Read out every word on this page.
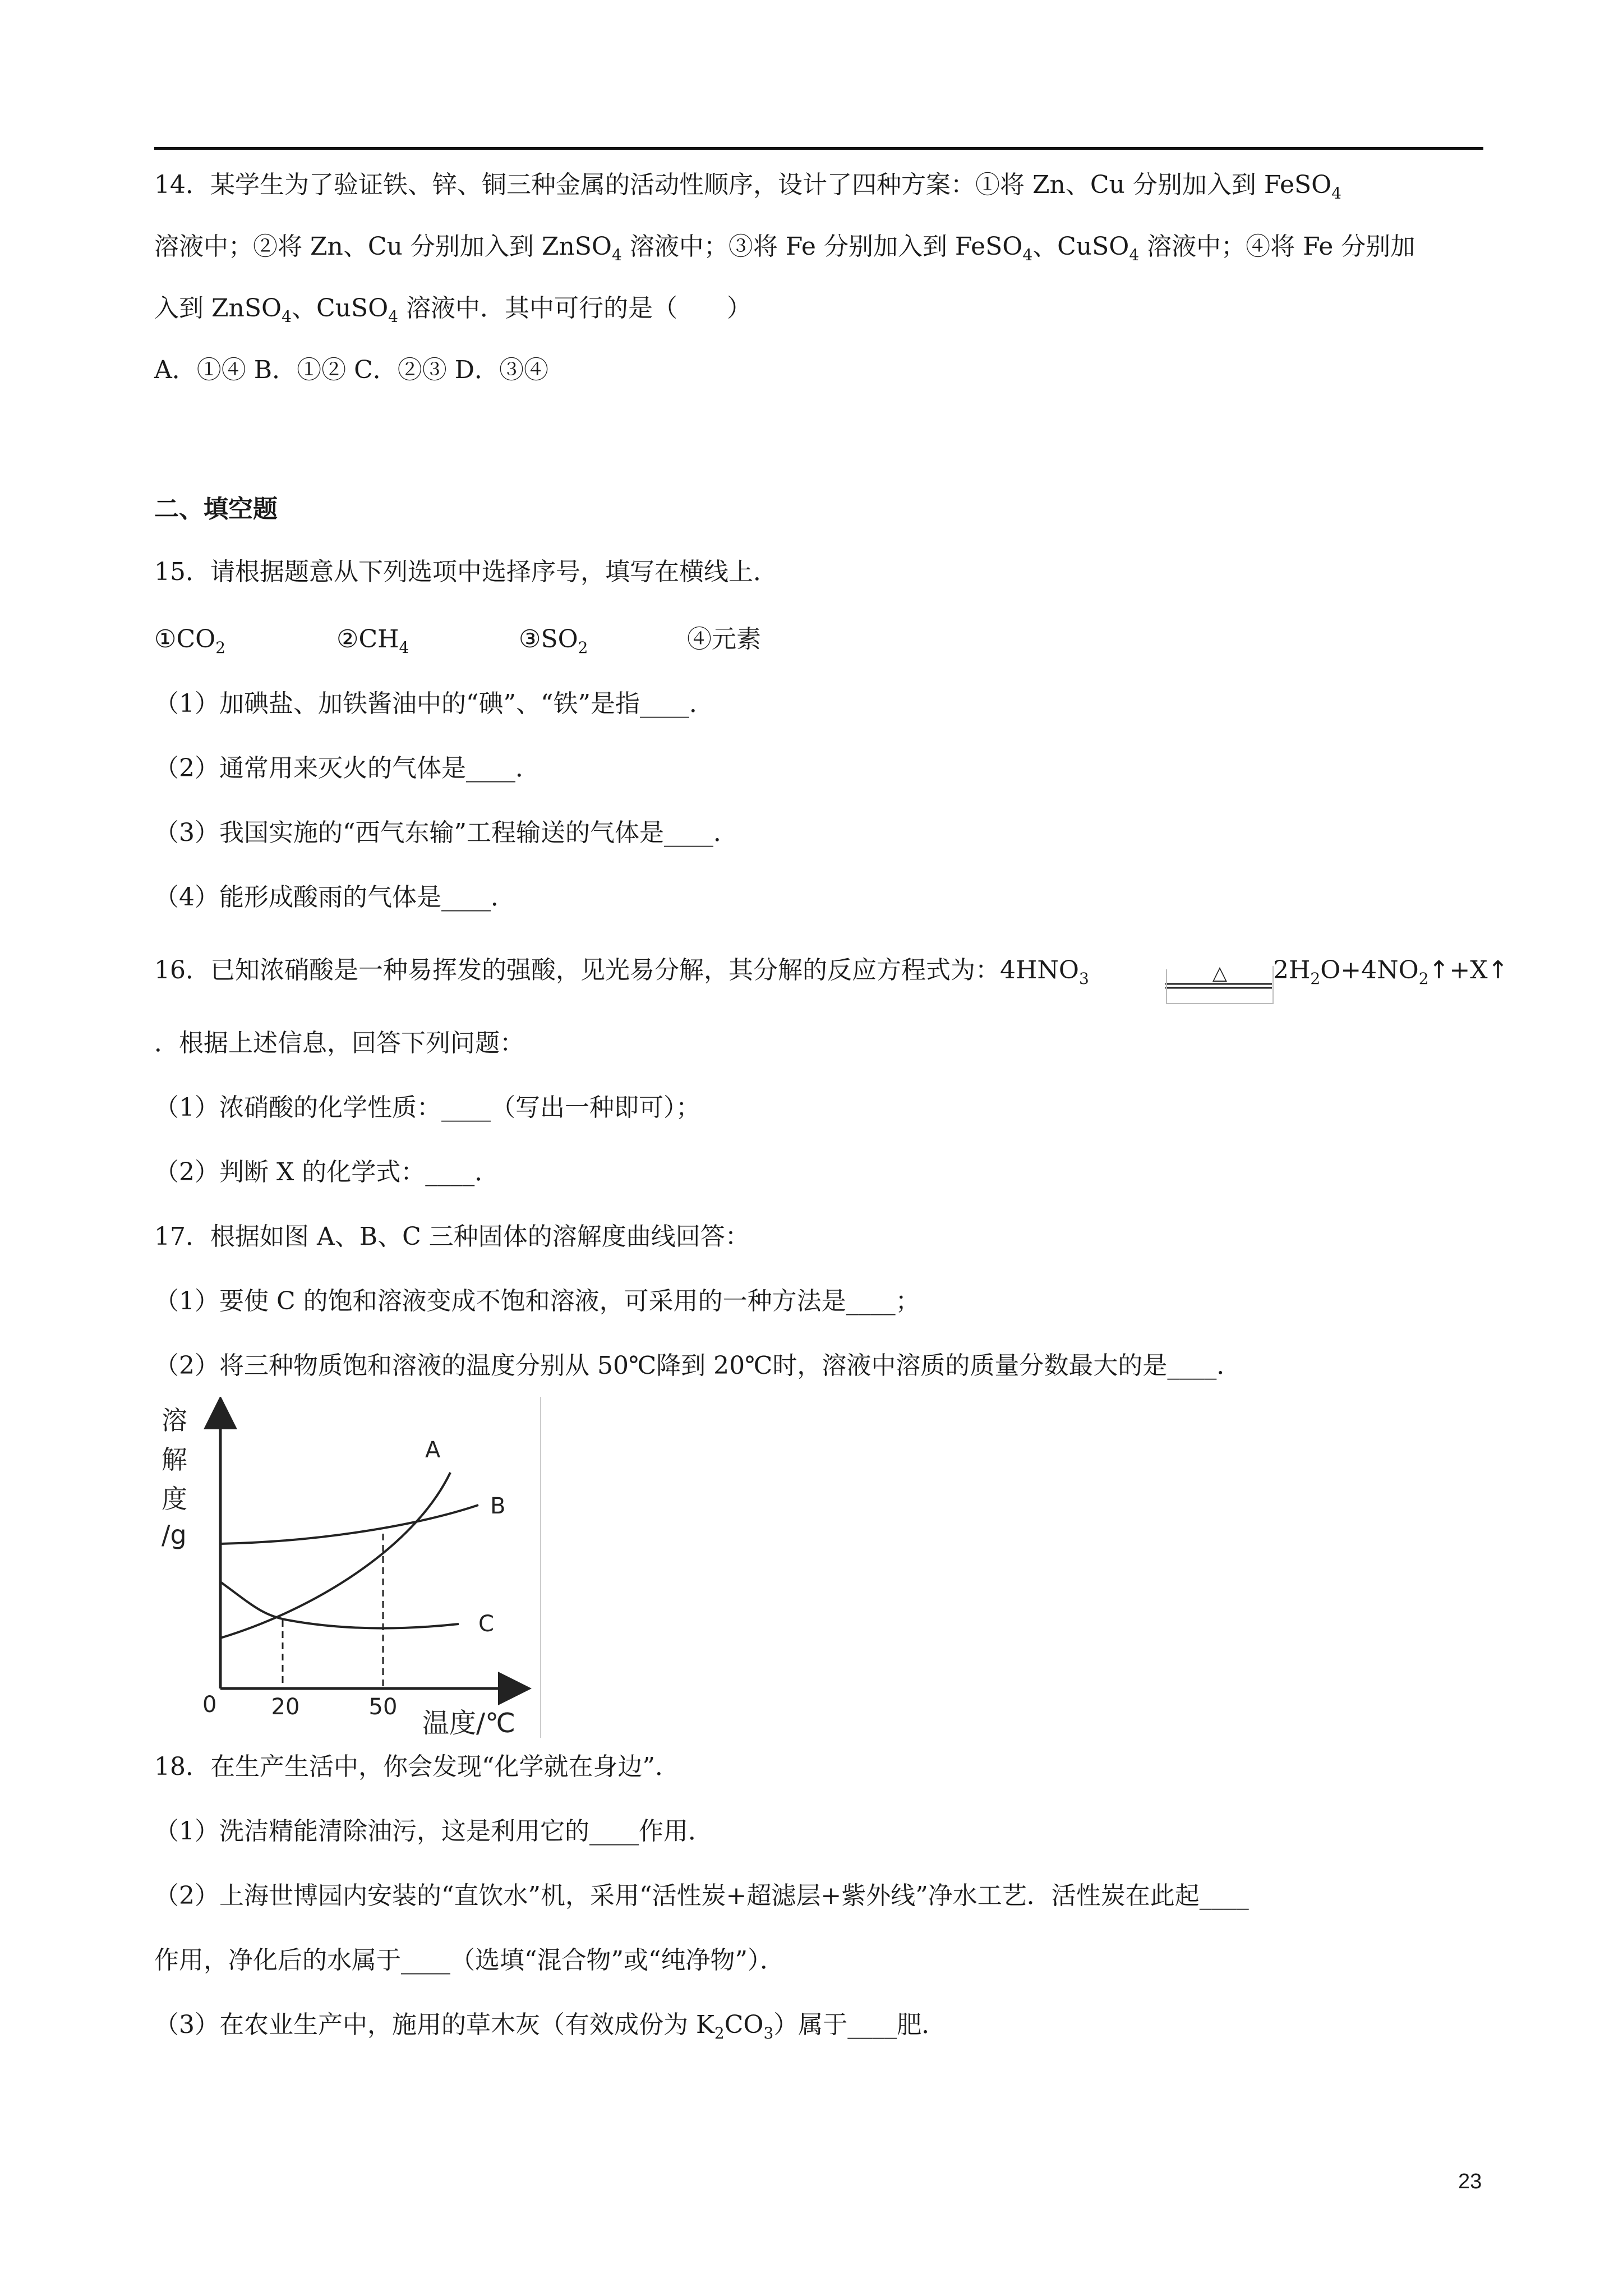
14．某学生为了验证铁、锌、铜三种金属的活动性顺序，设计了四种方案：①将 Zn、Cu 分别加入到 FeSO$_4$
溶液中；②将 Zn、Cu 分别加入到 ZnSO$_4$ 溶液中；③将 Fe 分别加入到 FeSO$_4$、CuSO$_4$ 溶液中；④将 Fe 分别加
入到 ZnSO$_4$、CuSO$_4$ 溶液中．其中可行的是（　　）
A．①④ B．①② C．②③ D．③④
二、填空题
15．请根据题意从下列选项中选择序号，填写在横线上．
$①CO_2$	$②CH_4$	$③SO_2$	④元素
（1）加碘盐、加铁酱油中的“碘”、“铁”是指____．
（2）通常用来灭火的气体是____．
（3）我国实施的“西气东输”工程输送的气体是____．
（4）能形成酸雨的气体是____．
16．已知浓硝酸是一种易挥发的强酸，见光易分解，其分解的反应方程式为：$4HNO_3$	△ $2H_2O+4NO_2↑+X↑$
．根据上述信息，回答下列问题：
（1）浓硝酸的化学性质：____（写出一种即可）；
（2）判断 X 的化学式：____．
17．根据如图 A、B、C 三种固体的溶解度曲线回答：
（1）要使 C 的饱和溶液变成不饱和溶液，可采用的一种方法是____；
（2）将三种物质饱和溶液的温度分别从 50℃降到 20℃时，溶液中溶质的质量分数最大的是____．
溶解度/g
温度/℃
0 20	50
A
B
C
18．在生产生活中，你会发现“化学就在身边”．
（1）洗洁精能清除油污，这是利用它的____作用．
（2）上海世博园内安装的“直饮水”机，采用“活性炭+超滤层+紫外线”净水工艺．活性炭在此起____
作用，净化后的水属于____（选填“混合物”或“纯净物”）．
（3）在农业生产中，施用的草木灰（有效成份为 $K_2CO_3$）属于____肥．
23
